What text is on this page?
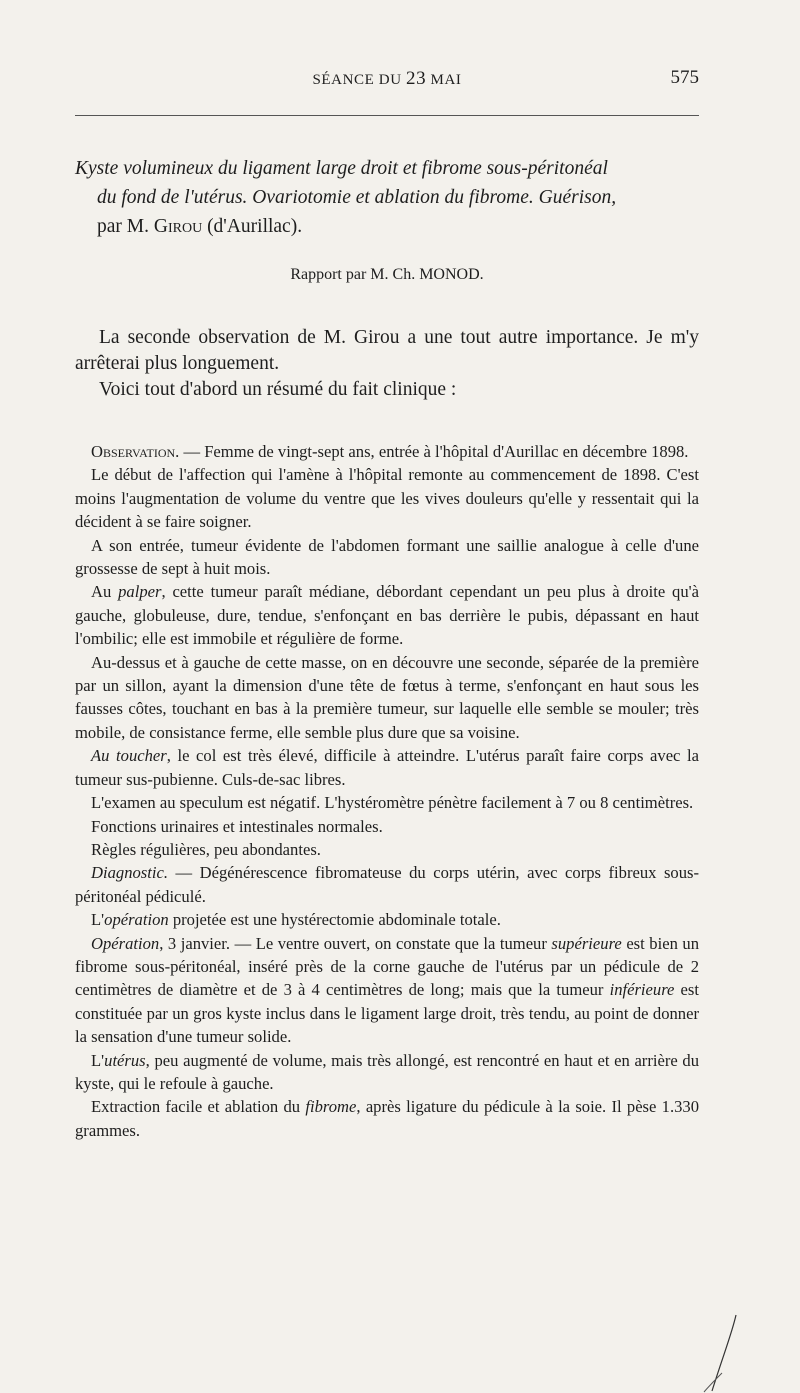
SÉANCE DU 23 MAI	575

Kyste volumineux du ligament large droit et fibrome sous-péritonéal

du fond de l'utérus. Ovariotomie et ablation du fibrome. Guérison,

par M. Girou (d'Aurillac).

Rapport par M. Ch. MONOD.

La seconde observation de M. Girou a une tout autre importance. Je m'y arrêterai plus longuement.

Voici tout d'abord un résumé du fait clinique :

Observation. — Femme de vingt-sept ans, entrée à l'hôpital d'Aurillac en décembre 1898.

Le début de l'affection qui l'amène à l'hôpital remonte au commencement de 1898. C'est moins l'augmentation de volume du ventre que les vives douleurs qu'elle y ressentait qui la décident à se faire soigner.

A son entrée, tumeur évidente de l'abdomen formant une saillie analogue à celle d'une grossesse de sept à huit mois.

Au palper, cette tumeur paraît médiane, débordant cependant un peu plus à droite qu'à gauche, globuleuse, dure, tendue, s'enfonçant en bas derrière le pubis, dépassant en haut l'ombilic; elle est immobile et régulière de forme.

Au-dessus et à gauche de cette masse, on en découvre une seconde, séparée de la première par un sillon, ayant la dimension d'une tête de fœtus à terme, s'enfonçant en haut sous les fausses côtes, touchant en bas à la première tumeur, sur laquelle elle semble se mouler; très mobile, de consistance ferme, elle semble plus dure que sa voisine.

Au toucher, le col est très élevé, difficile à atteindre. L'utérus paraît faire corps avec la tumeur sus-pubienne. Culs-de-sac libres.

L'examen au speculum est négatif. L'hystéromètre pénètre facilement à 7 ou 8 centimètres.

Fonctions urinaires et intestinales normales.

Règles régulières, peu abondantes.

Diagnostic. — Dégénérescence fibromateuse du corps utérin, avec corps fibreux sous-péritonéal pédiculé.

L'opération projetée est une hystérectomie abdominale totale.

Opération, 3 janvier. — Le ventre ouvert, on constate que la tumeur supérieure est bien un fibrome sous-péritonéal, inséré près de la corne gauche de l'utérus par un pédicule de 2 centimètres de diamètre et de 3 à 4 centimètres de long; mais que la tumeur inférieure est constituée par un gros kyste inclus dans le ligament large droit, très tendu, au point de donner la sensation d'une tumeur solide.

L'utérus, peu augmenté de volume, mais très allongé, est rencontré en haut et en arrière du kyste, qui le refoule à gauche.

Extraction facile et ablation du fibrome, après ligature du pédicule à la soie. Il pèse 1.330 grammes.
